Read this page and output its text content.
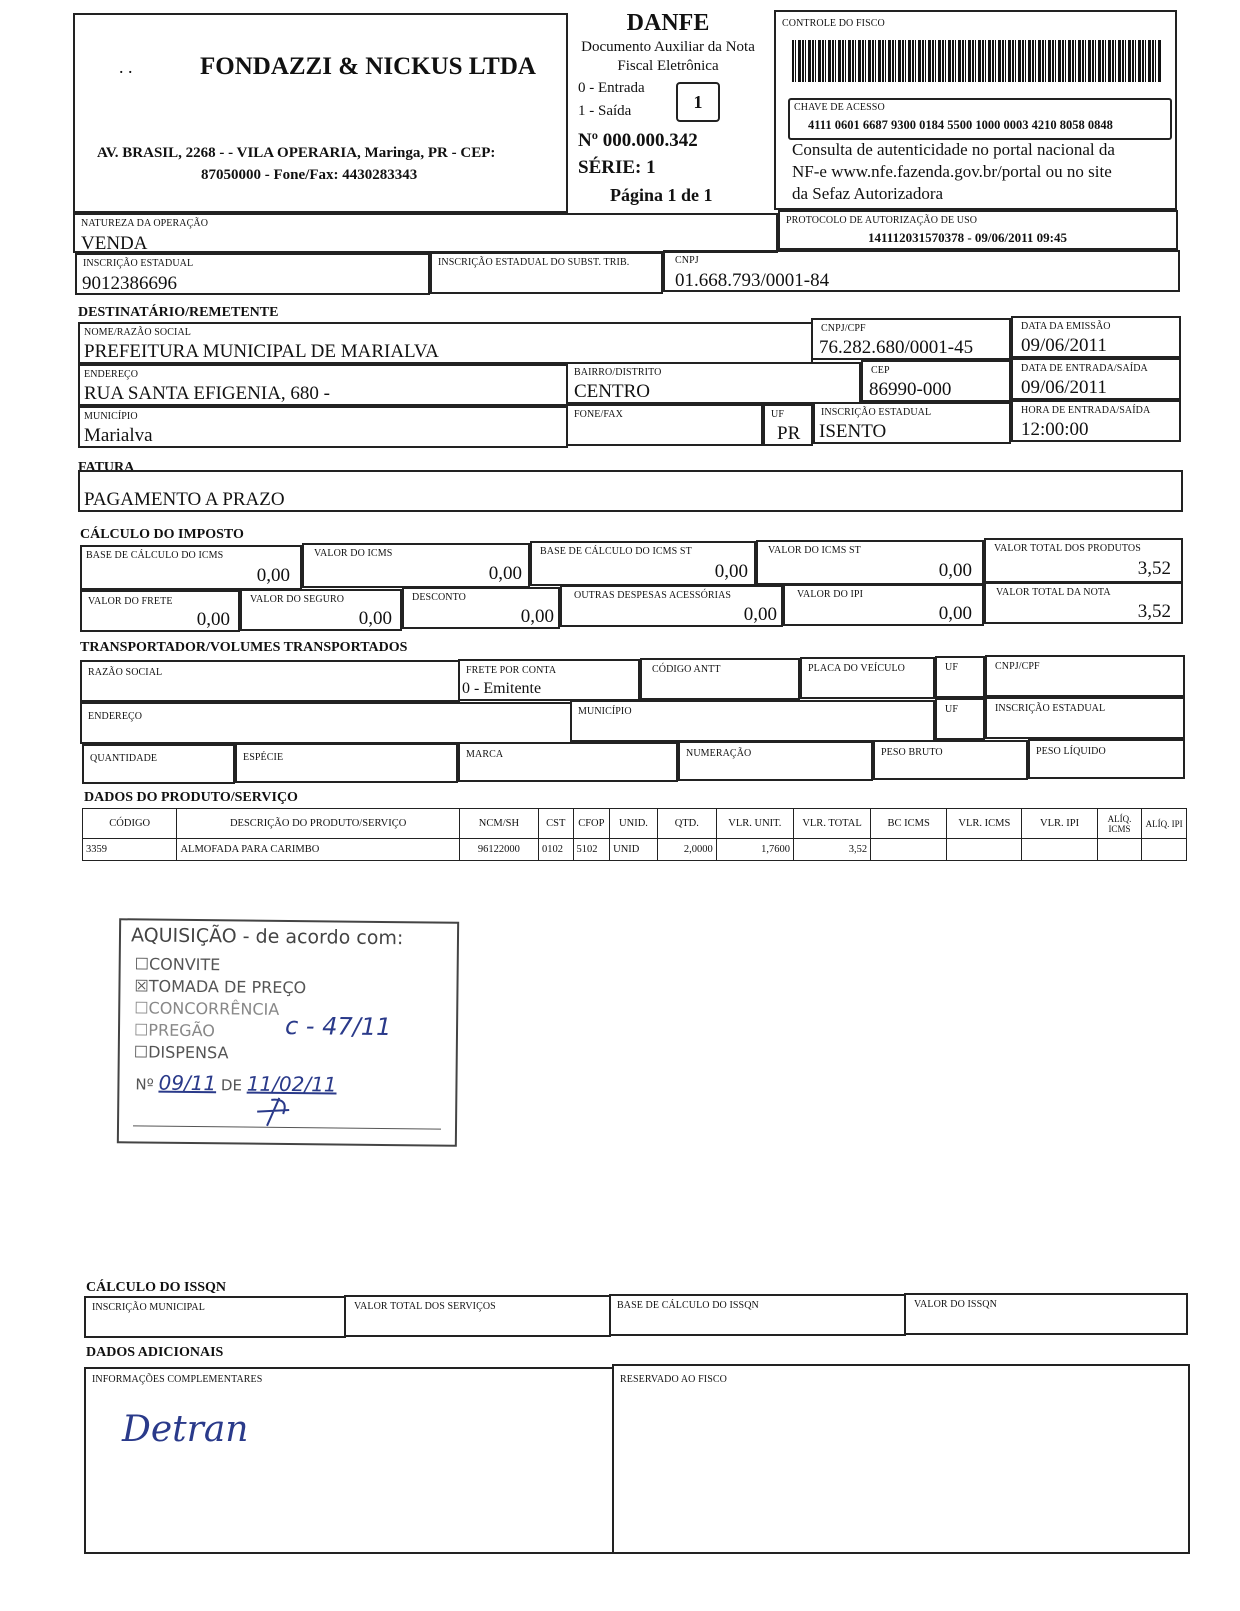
. .	FONDAZZI & NICKUS LTDA
AV. BRASIL, 2268 - - VILA OPERARIA, Maringa, PR - CEP:
87050000 - Fone/Fax: 4430283343
DANFE
Documento Auxiliar da Nota
Fiscal Eletrônica
0 - Entrada
1 - Saída	1
Nº 000.000.342
SÉRIE: 1
Página 1 de 1
CONTROLE DO FISCO
CHAVE DE ACESSO
4111 0601 6687 9300 0184 5500 1000 0003 4210 8058 0848
Consulta de autenticidade no portal nacional da
NF-e www.nfe.fazenda.gov.br/portal ou no site
da Sefaz Autorizadora
NATUREZA DA OPERAÇÃO
VENDA
PROTOCOLO DE AUTORIZAÇÃO DE USO
141112031570378 - 09/06/2011 09:45
INSCRIÇÃO ESTADUAL
9012386696
INSCRIÇÃO ESTADUAL DO SUBST. TRIB.	CNPJ
01.668.793/0001-84
DESTINATÁRIO/REMETENTE
NOME/RAZÃO SOCIAL
PREFEITURA MUNICIPAL DE MARIALVA
CNPJ/CPF
76.282.680/0001-45
DATA DA EMISSÃO
09/06/2011
ENDEREÇO
RUA SANTA EFIGENIA, 680 -
BAIRRO/DISTRITO
CENTRO
CEP
86990-000
DATA DE ENTRADA/SAÍDA
09/06/2011
MUNICÍPIO
Marialva
FONE/FAX	UF
PR
INSCRIÇÃO ESTADUAL
ISENTO
HORA DE ENTRADA/SAÍDA
12:00:00
FATURA
PAGAMENTO A PRAZO
CÁLCULO DO IMPOSTO
BASE DE CÁLCULO DO ICMS
0,00
VALOR DO ICMS
0,00
BASE DE CÁLCULO DO ICMS ST
0,00
VALOR DO ICMS ST
0,00
VALOR TOTAL DOS PRODUTOS
3,52
VALOR DO FRETE
0,00
VALOR DO SEGURO
0,00
DESCONTO
0,00
OUTRAS DESPESAS ACESSÓRIAS
0,00
VALOR DO IPI
0,00
VALOR TOTAL DA NOTA
3,52
TRANSPORTADOR/VOLUMES TRANSPORTADOS
RAZÃO SOCIAL	FRETE POR CONTA
0 - Emitente
CÓDIGO ANTT	PLACA DO VEÍCULO	UF	CNPJ/CPF
ENDEREÇO	MUNICÍPIO	UF	INSCRIÇÃO ESTADUAL
QUANTIDADE	ESPÉCIE	MARCA	NUMERAÇÃO	PESO BRUTO	PESO LÍQUIDO
DADOS DO PRODUTO/SERVIÇO
CÓDIGO	DESCRIÇÃO DO PRODUTO/SERVIÇO	NCM/SH	CST	CFOP	UNID.	QTD.	VLR. UNIT.	VLR. TOTAL	BC ICMS	VLR. ICMS	VLR. IPI	ALÍQ. ICMS	ALÍQ. IPI
3359	ALMOFADA PARA CARIMBO	96122000	0102	5102	UNID	2,0000	1,7600	3,52					
AQUISIÇÃO - de acordo com:
☐CONVITE
☒TOMADA DE PREÇO
☐CONCORRÊNCIA
☐PREGÃO
☐DISPENSA
c - 47/11
Nº 09/11 DE 11/02/11
CÁLCULO DO ISSQN
INSCRIÇÃO MUNICIPAL	VALOR TOTAL DOS SERVIÇOS	BASE DE CÁLCULO DO ISSQN	VALOR DO ISSQN
DADOS ADICIONAIS
INFORMAÇÕES COMPLEMENTARES
Detran
RESERVADO AO FISCO
